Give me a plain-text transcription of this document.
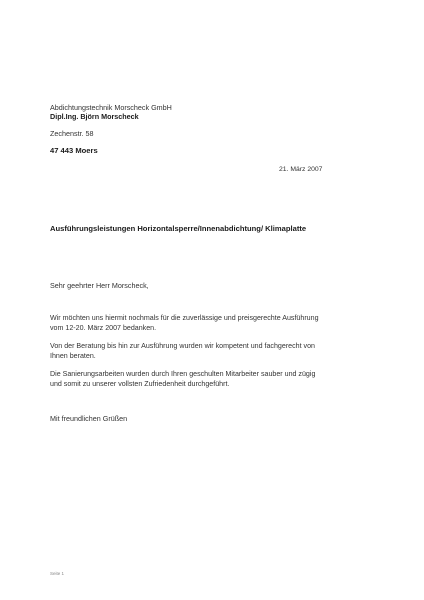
Abdichtungstechnik Morscheck GmbH
Dipl.Ing. Björn Morscheck
Zechenstr. 58
47 443 Moers
21. März 2007
Ausführungsleistungen Horizontalsperre/Innenabdichtung/ Klimaplatte
Sehr geehrter Herr Morscheck,
Wir möchten uns hiermit nochmals für die zuverlässige und preisgerechte Ausführung
vom 12-20. März 2007 bedanken.
Von der Beratung bis hin zur Ausführung wurden wir kompetent und fachgerecht von
Ihnen beraten.
Die Sanierungsarbeiten wurden durch Ihren geschulten Mitarbeiter sauber und zügig
und somit zu unserer vollsten Zufriedenheit durchgeführt.
Mit freundlichen Grüßen
Seite 1
